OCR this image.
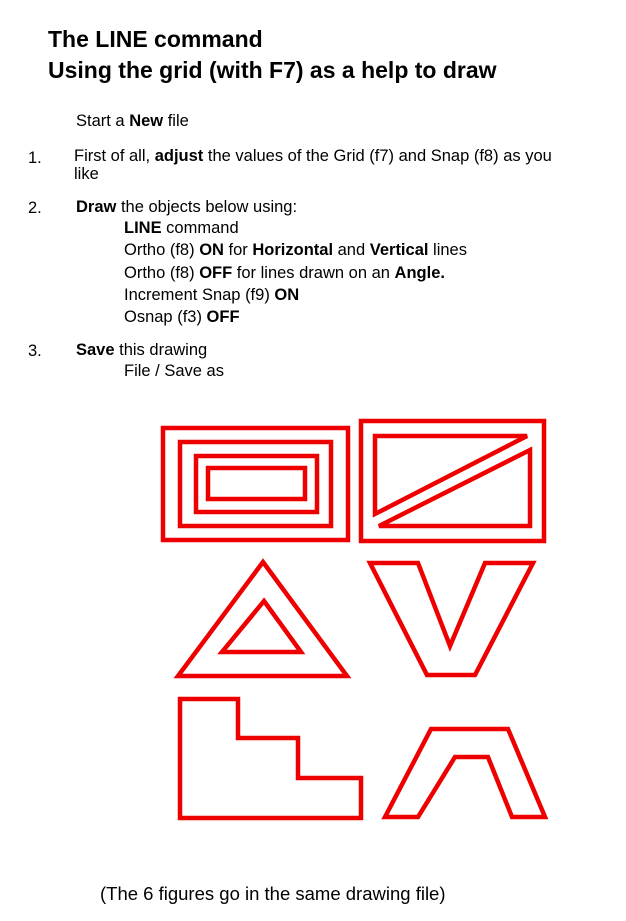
The LINE command
Using the grid (with F7) as a help to draw

Start a New file

1. First of all, adjust the values of the Grid (f7) and Snap (f8) as you

like

2. Draw the objects below using:

LINE command

Ortho (f8) ON for Horizontal and Vertical lines

Ortho (f8) OFF for lines drawn on an Angle.

Increment Snap (f9) ON

Osnap (f3) OFF

3. Save this drawing

File / Save as

(The 6 figures go in the same drawing file)
